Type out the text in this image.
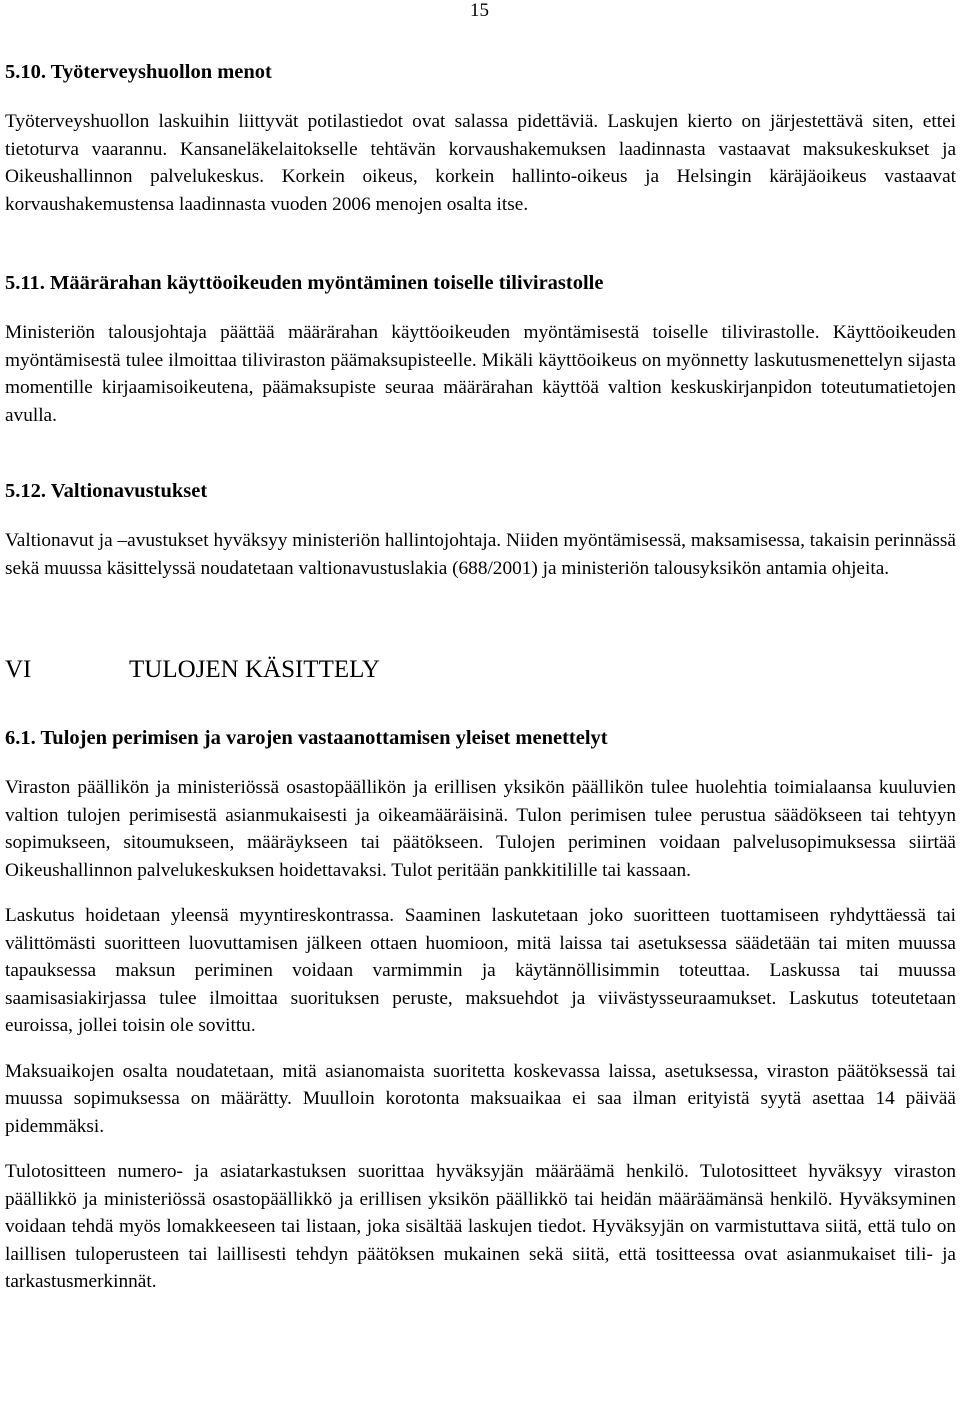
15

5.10. Työterveyshuollon menot

Työterveyshuollon laskuihin liittyvät potilastiedot ovat salassa pidettäviä. Laskujen kierto on järjestettävä siten, ettei tietoturva vaarannu. Kansaneläkelaitokselle tehtävän korvaushakemuksen laadinnasta vastaavat maksukeskukset ja Oikeushallinnon palvelukeskus. Korkein oikeus, korkein hallinto-oikeus ja Helsingin käräjäoikeus vastaavat korvaushakemustensa laadinnasta vuoden 2006 menojen osalta itse.

5.11. Määrärahan käyttöoikeuden myöntäminen toiselle tilivirastolle

Ministeriön talousjohtaja päättää määrärahan käyttöoikeuden myöntämisestä toiselle tilivirastolle. Käyttöoikeuden myöntämisestä tulee ilmoittaa tiliviraston päämaksupisteelle. Mikäli käyttöoikeus on myönnetty laskutusmenettelyn sijasta momentille kirjaamisoikeutena, päämaksupiste seuraa määrärahan käyttöä valtion keskuskirjanpidon toteutumatietojen avulla.

5.12. Valtionavustukset

Valtionavut ja –avustukset hyväksyy ministeriön hallintojohtaja. Niiden myöntämisessä, maksamisessa, takaisin perinnässä sekä muussa käsittelyssä noudatetaan valtionavustuslakia (688/2001) ja ministeriön talousyksikön antamia ohjeita.

VI	TULOJEN KÄSITTELY

6.1. Tulojen perimisen ja varojen vastaanottamisen yleiset menettelyt

Viraston päällikön ja ministeriössä osastopäällikön ja erillisen yksikön päällikön tulee huolehtia toimialaansa kuuluvien valtion tulojen perimisestä asianmukaisesti ja oikeamääräisinä. Tulon perimisen tulee perustua säädökseen tai tehtyyn sopimukseen, sitoumukseen, määräykseen tai päätökseen. Tulojen periminen voidaan palvelusopimuksessa siirtää Oikeushallinnon palvelukeskuksen hoidettavaksi. Tulot peritään pankkitilille tai kassaan.

Laskutus hoidetaan yleensä myyntireskontrassa. Saaminen laskutetaan joko suoritteen tuottamiseen ryhdyttäessä tai välittömästi suoritteen luovuttamisen jälkeen ottaen huomioon, mitä laissa tai asetuksessa säädetään tai miten muussa tapauksessa maksun periminen voidaan varmimmin ja käytännöllisimmin toteuttaa. Laskussa tai muussa saamisasiakirjassa tulee ilmoittaa suorituksen peruste, maksuehdot ja viivästysseuraamukset. Laskutus toteutetaan euroissa, jollei toisin ole sovittu.

Maksuaikojen osalta noudatetaan, mitä asianomaista suoritetta koskevassa laissa, asetuksessa, viraston päätöksessä tai muussa sopimuksessa on määrätty. Muulloin korotonta maksuaikaa ei saa ilman erityistä syytä asettaa 14 päivää pidemmäksi.

Tulotositteen numero- ja asiatarkastuksen suorittaa hyväksyjän määräämä henkilö. Tulotositteet hyväksyy viraston päällikkö ja ministeriössä osastopäällikkö ja erillisen yksikön päällikkö tai heidän määräämänsä henkilö. Hyväksyminen voidaan tehdä myös lomakkeeseen tai listaan, joka sisältää laskujen tiedot. Hyväksyjän on varmistuttava siitä, että tulo on laillisen tuloperusteen tai laillisesti tehdyn päätöksen mukainen sekä siitä, että tositteessa ovat asianmukaiset tili- ja tarkastusmerkinnät.
